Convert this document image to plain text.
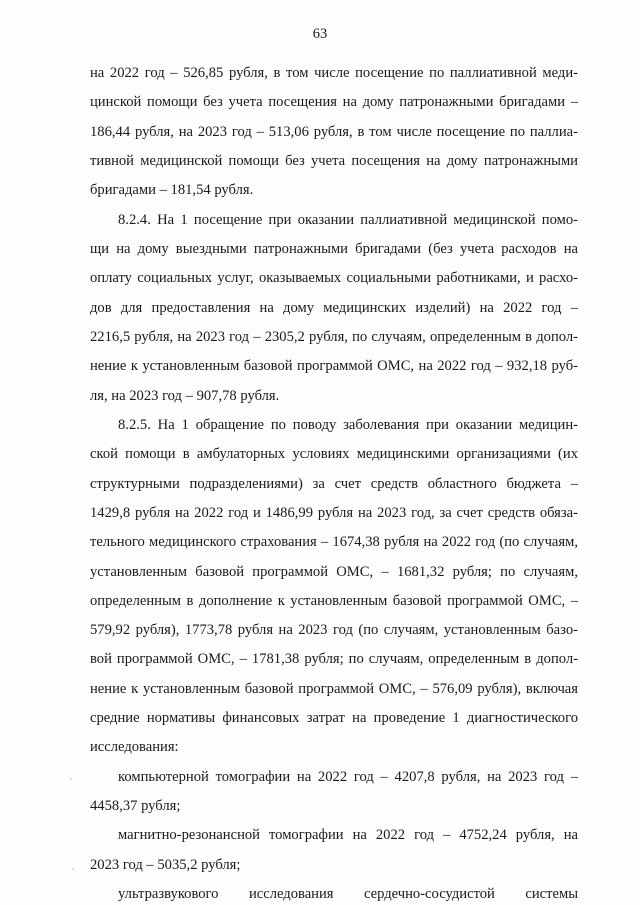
63
на 2022 год – 526,85 рубля, в том числе посещение по паллиативной меди-
цинской помощи без учета посещения на дому патронажными бригадами –
186,44 рубля, на 2023 год – 513,06 рубля, в том числе посещение по паллиа-
тивной медицинской помощи без учета посещения на дому патронажными
бригадами – 181,54 рубля.
8.2.4. На 1 посещение при оказании паллиативной медицинской помо-
щи на дому выездными патронажными бригадами (без учета расходов на
оплату социальных услуг, оказываемых социальными работниками, и расхо-
дов для предоставления на дому медицинских изделий) на 2022 год –
2216,5 рубля, на 2023 год – 2305,2 рубля, по случаям, определенным в допол-
нение к установленным базовой программой ОМС, на 2022 год – 932,18 руб-
ля, на 2023 год – 907,78 рубля.
8.2.5. На 1 обращение по поводу заболевания при оказании медицин-
ской помощи в амбулаторных условиях медицинскими организациями (их
структурными подразделениями) за счет средств областного бюджета –
1429,8 рубля на 2022 год и 1486,99 рубля на 2023 год, за счет средств обяза-
тельного медицинского страхования – 1674,38 рубля на 2022 год (по случаям,
установленным базовой программой ОМС, – 1681,32 рубля; по случаям,
определенным в дополнение к установленным базовой программой ОМС, –
579,92 рубля), 1773,78 рубля на 2023 год (по случаям, установленным базо-
вой программой ОМС, – 1781,38 рубля; по случаям, определенным в допол-
нение к установленным базовой программой ОМС, – 576,09 рубля), включая
средние нормативы финансовых затрат на проведение 1 диагностического
исследования:
компьютерной томографии на 2022 год – 4207,8 рубля, на 2023 год –
4458,37 рубля;
магнитно-резонансной томографии на 2022 год – 4752,24 рубля, на
2023 год – 5035,2 рубля;
ультразвукового исследования сердечно-сосудистой системы
